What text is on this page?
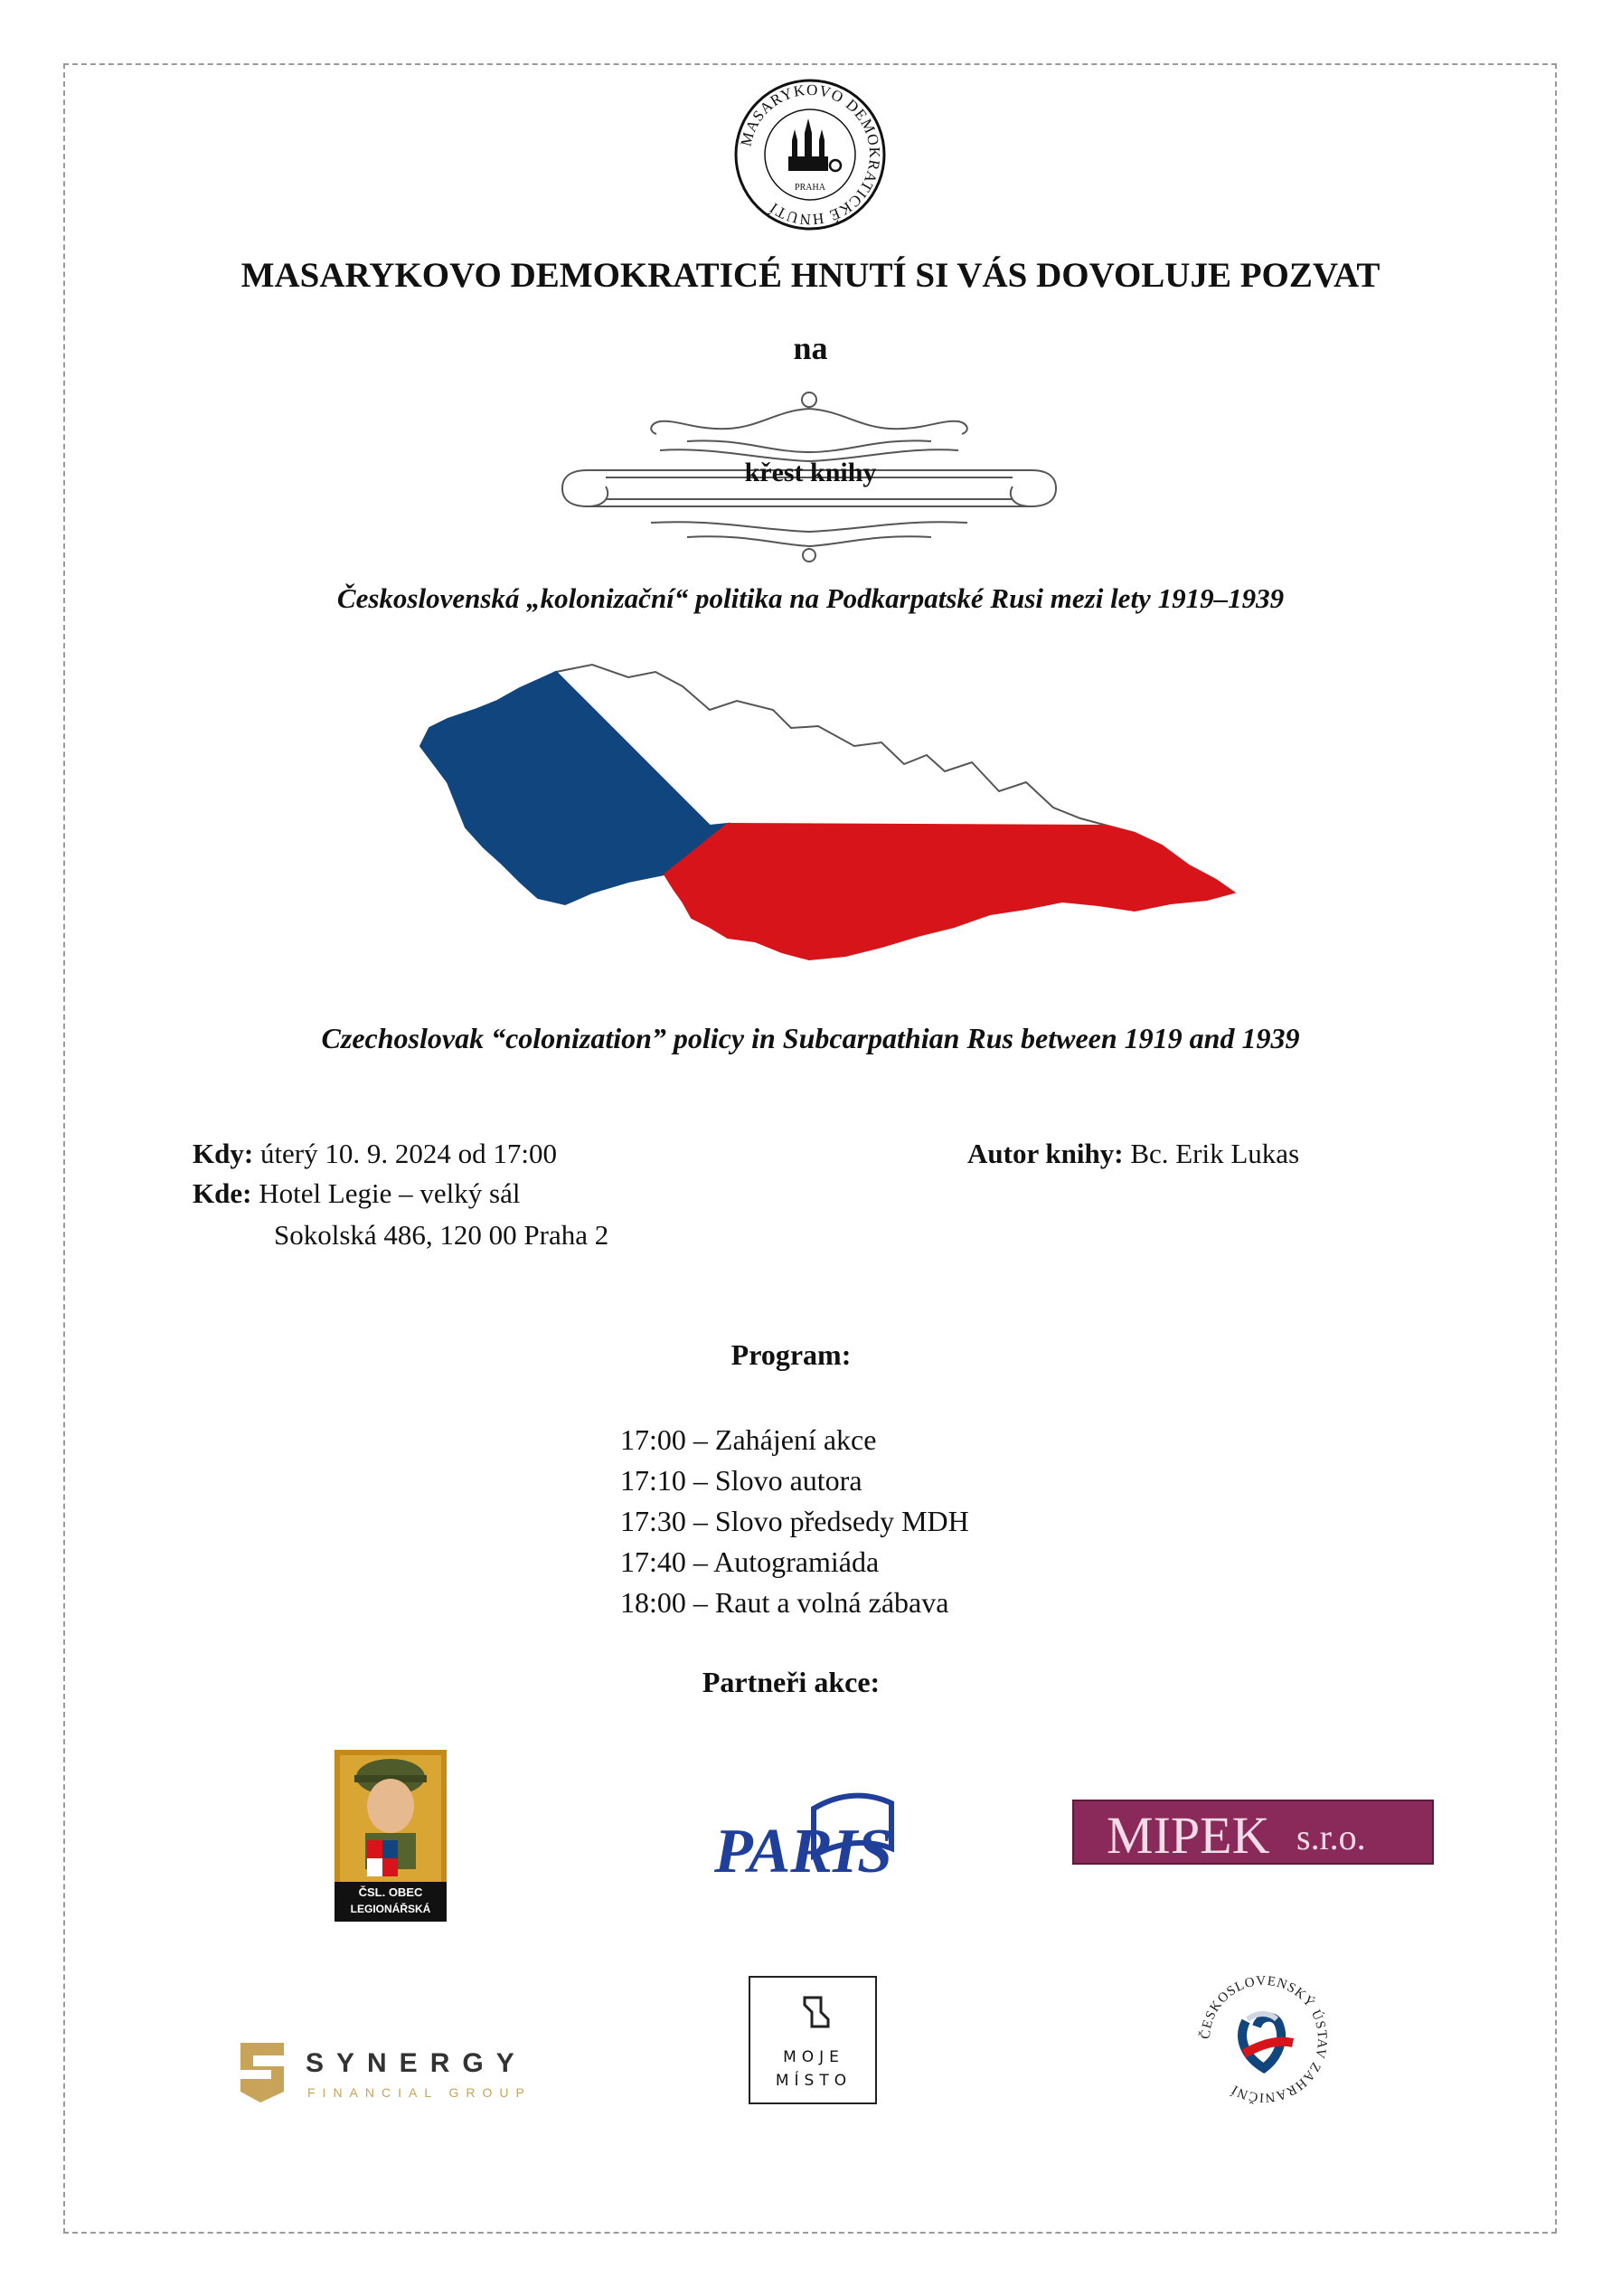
MASARYKOVO DEMOKRATICKÉ HNUTÍ
PRAHA
MASARYKOVO DEMOKRATICÉ HNUTÍ SI VÁS DOVOLUJE POZVAT
na
křest knihy
Československá „kolonizační“ politika na Podkarpatské Rusi mezi lety 1919–1939
Czechoslovak “colonization” policy in Subcarpathian Rus between 1919 and 1939
Kdy: úterý 10. 9. 2024 od 17:00
Kde: Hotel Legie – velký sál
Sokolská 486, 120 00 Praha 2
Autor knihy: Bc. Erik Lukas
Program:
17:00 – Zahájení akce
17:10 – Slovo autora
17:30 – Slovo předsedy MDH
17:40 – Autogramiáda
18:00 – Raut a volná zábava
Partneři akce:
ČSL. OBEC
LEGIONÁŘSKÁ
PARIS	MIPEK s.r.o.
SYNERGY
FINANCIAL GROUP
MOJE
MÍSTO
ČESKOSLOVENSKÝ ÚSTAV ZAHRANIČNÍ
